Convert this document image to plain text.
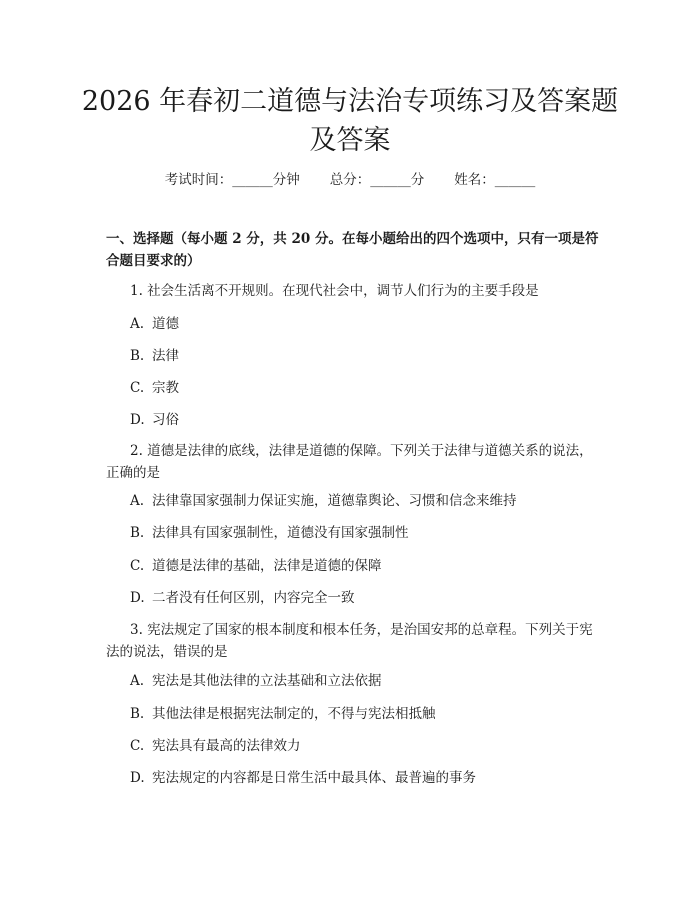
2026 年春初二道德与法治专项练习及答案题及答案
考试时间：______分钟 总分：______分 姓名：______
一、选择题（每小题 2 分，共 20 分。在每小题给出的四个选项中，只有一项是符合题目要求的）
1. 社会生活离不开规则。在现代社会中，调节人们行为的主要手段是
A. 道德
B. 法律
C. 宗教
D. 习俗
2. 道德是法律的底线，法律是道德的保障。下列关于法律与道德关系的说法，正确的是
A. 法律靠国家强制力保证实施，道德靠舆论、习惯和信念来维持
B. 法律具有国家强制性，道德没有国家强制性
C. 道德是法律的基础，法律是道德的保障
D. 二者没有任何区别，内容完全一致
3. 宪法规定了国家的根本制度和根本任务，是治国安邦的总章程。下列关于宪法的说法，错误的是
A. 宪法是其他法律的立法基础和立法依据
B. 其他法律是根据宪法制定的，不得与宪法相抵触
C. 宪法具有最高的法律效力
D. 宪法规定的内容都是日常生活中最具体、最普遍的事务
